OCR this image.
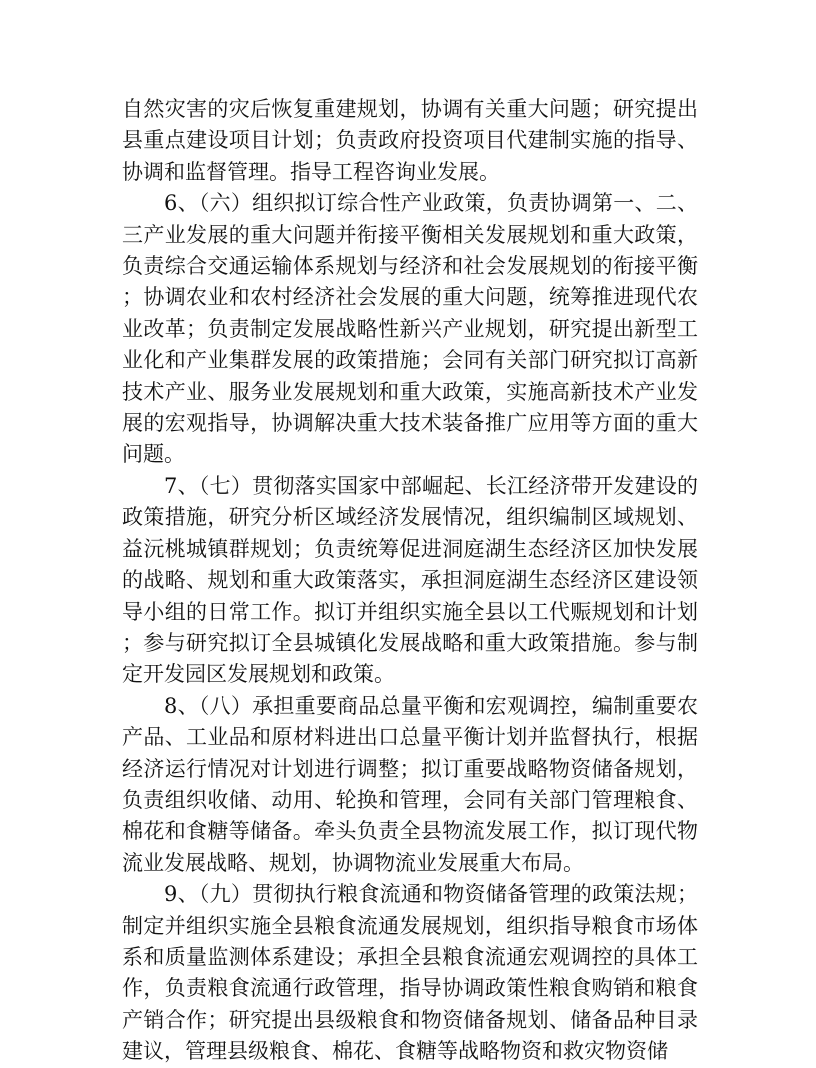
自然灾害的灾后恢复重建规划，协调有关重大问题；研究提出县重点建设项目计划；负责政府投资项目代建制实施的指导、协调和监督管理。指导工程咨询业发展。

6、（六）组织拟订综合性产业政策，负责协调第一、二、三产业发展的重大问题并衔接平衡相关发展规划和重大政策，负责综合交通运输体系规划与经济和社会发展规划的衔接平衡；协调农业和农村经济社会发展的重大问题，统筹推进现代农业改革；负责制定发展战略性新兴产业规划，研究提出新型工业化和产业集群发展的政策措施；会同有关部门研究拟订高新技术产业、服务业发展规划和重大政策，实施高新技术产业发展的宏观指导，协调解决重大技术装备推广应用等方面的重大问题。

7、（七）贯彻落实国家中部崛起、长江经济带开发建设的政策措施，研究分析区域经济发展情况，组织编制区域规划、益沅桃城镇群规划；负责统筹促进洞庭湖生态经济区加快发展的战略、规划和重大政策落实，承担洞庭湖生态经济区建设领导小组的日常工作。拟订并组织实施全县以工代赈规划和计划；参与研究拟订全县城镇化发展战略和重大政策措施。参与制定开发园区发展规划和政策。

8、（八）承担重要商品总量平衡和宏观调控，编制重要农产品、工业品和原材料进出口总量平衡计划并监督执行，根据经济运行情况对计划进行调整；拟订重要战略物资储备规划，负责组织收储、动用、轮换和管理，会同有关部门管理粮食、棉花和食糖等储备。牵头负责全县物流发展工作，拟订现代物流业发展战略、规划，协调物流业发展重大布局。

9、（九）贯彻执行粮食流通和物资储备管理的政策法规；制定并组织实施全县粮食流通发展规划，组织指导粮食市场体系和质量监测体系建设；承担全县粮食流通宏观调控的具体工作，负责粮食流通行政管理，指导协调政策性粮食购销和粮食产销合作；研究提出县级粮食和物资储备规划、储备品种目录建议，管理县级粮食、棉花、食糖等战略物资和救灾物资储
